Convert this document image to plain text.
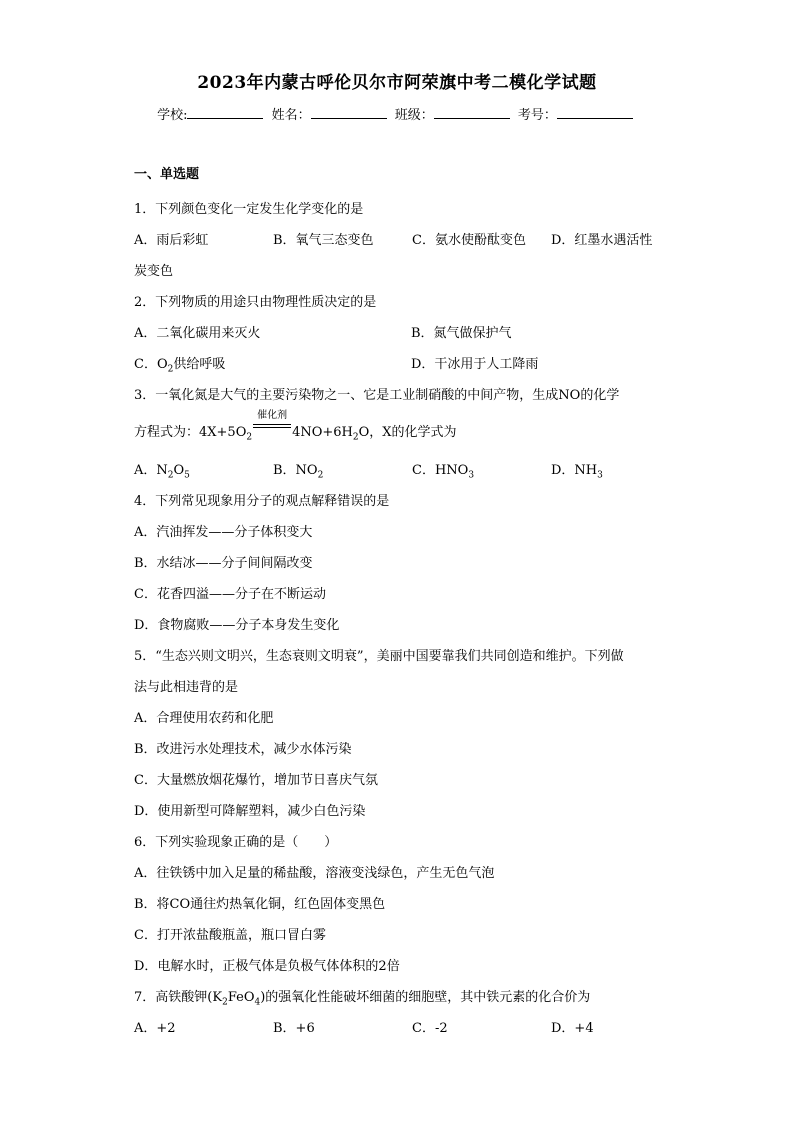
2023年内蒙古呼伦贝尔市阿荣旗中考二模化学试题
学校:	姓名：	班级：	考号：
一、单选题
1．下列颜色变化一定发生化学变化的是
A．雨后彩虹	B．氧气三态变色	C．氨水使酚酞变色	D．红墨水遇活性
炭变色
2．下列物质的用途只由物理性质决定的是
A．二氧化碳用来灭火	B．氮气做保护气
C．$O_2$供给呼吸	D．干冰用于人工降雨
3．一氧化氮是大气的主要污染物之一、它是工业制硝酸的中间产物，生成NO的化学
方程式为：$4X+5O_2$
催化剂
$4NO+6H_2O$，X的化学式为
A．$N_2O_5$	B．$NO_2$	C．$HNO_3$	D．$NH_3$
4．下列常见现象用分子的观点解释错误的是
A．汽油挥发——分子体积变大
B．水结冰——分子间间隔改变
C．花香四溢——分子在不断运动
D．食物腐败——分子本身发生变化
5．“生态兴则文明兴，生态衰则文明衰”，美丽中国要靠我们共同创造和维护。下列做
法与此相违背的是
A．合理使用农药和化肥
B．改进污水处理技术，减少水体污染
C．大量燃放烟花爆竹，增加节日喜庆气氛
D．使用新型可降解塑料，减少白色污染
6．下列实验现象正确的是（　　）
A．往铁锈中加入足量的稀盐酸，溶液变浅绿色，产生无色气泡
B．将CO通往灼热氧化铜，红色固体变黑色
C．打开浓盐酸瓶盖，瓶口冒白雾
D．电解水时，正极气体是负极气体体积的2倍
7．高铁酸钾$(K_2FeO_4)$的强氧化性能破坏细菌的细胞壁，其中铁元素的化合价为
A．+2	B．+6	C．-2	D．+4
